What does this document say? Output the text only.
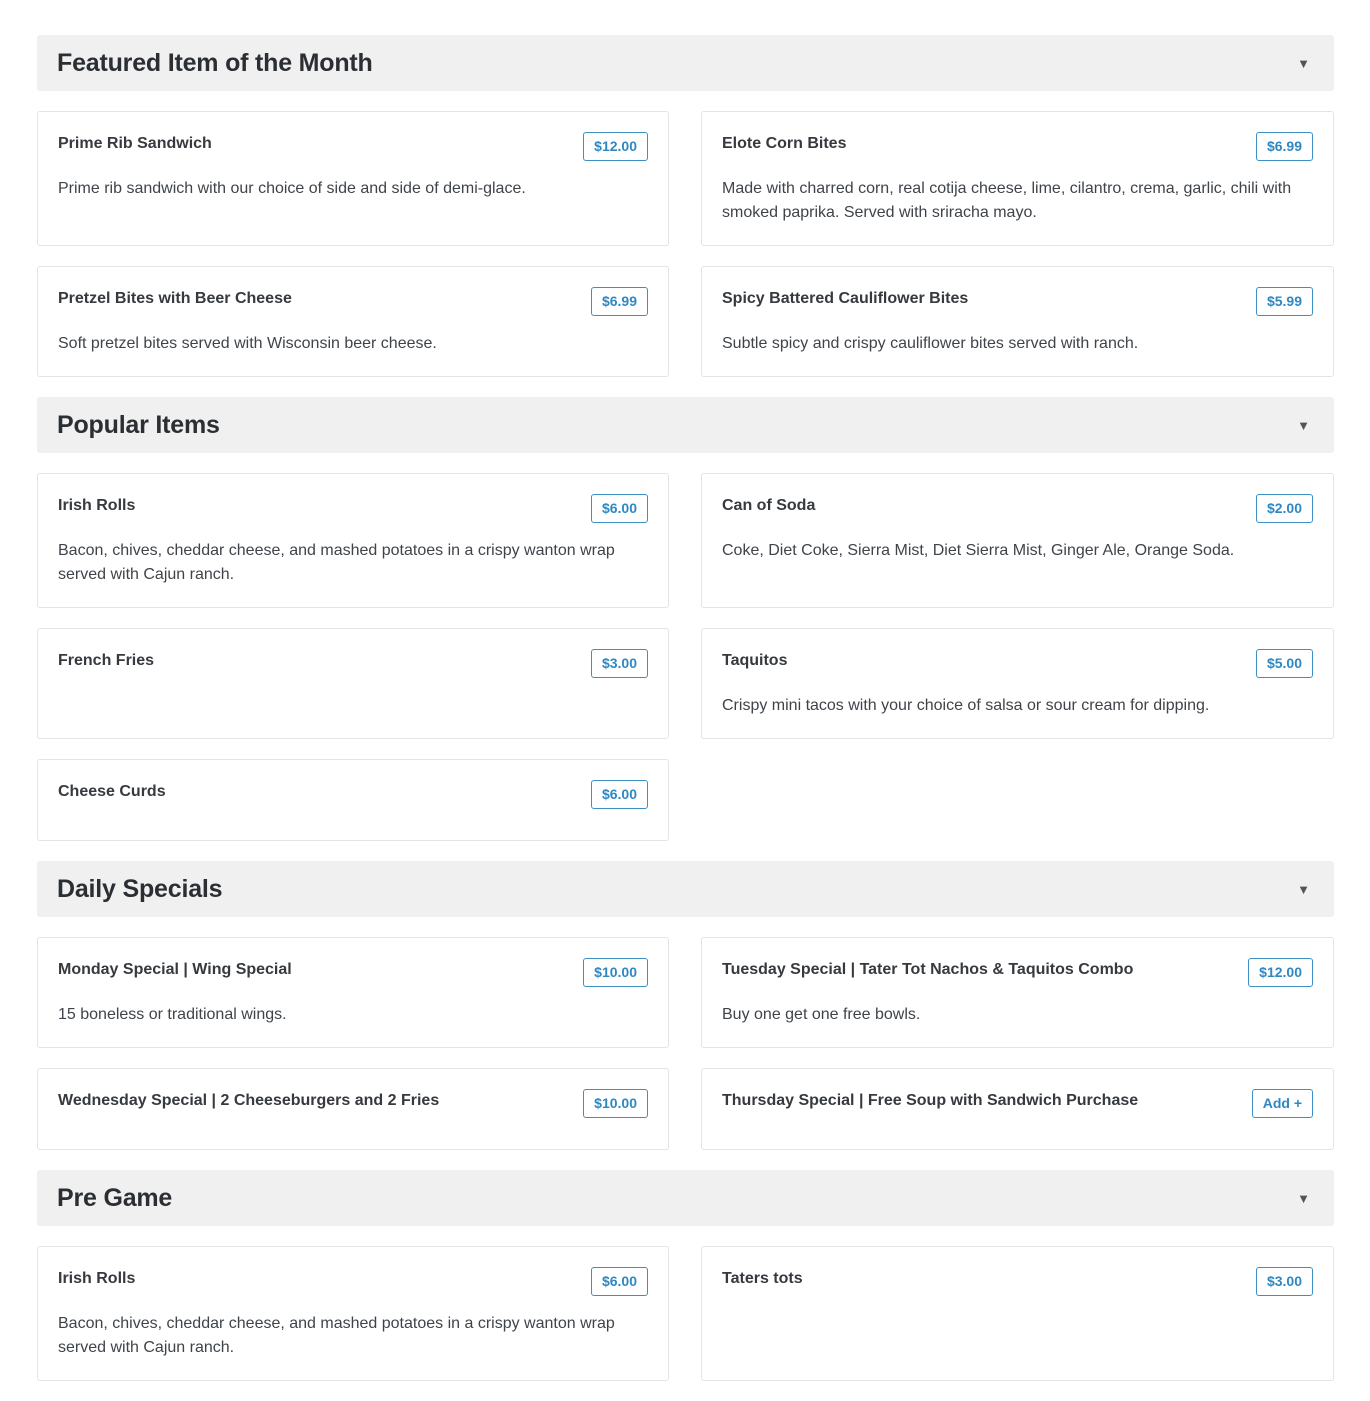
Featured Item of the Month	▼
Prime Rib Sandwich	$12.00

Prime rib sandwich with our choice of side and side of demi-glace.

Elote Corn Bites	$6.99

Made with charred corn, real cotija cheese, lime, cilantro, crema, garlic, chili with smoked paprika. Served with sriracha mayo.

Pretzel Bites with Beer Cheese	$6.99

Soft pretzel bites served with Wisconsin beer cheese.

Spicy Battered Cauliflower Bites	$5.99

Subtle spicy and crispy cauliflower bites served with ranch.

Popular Items	▼
Irish Rolls	$6.00

Bacon, chives, cheddar cheese, and mashed potatoes in a crispy wanton wrap served with Cajun ranch.

Can of Soda	$2.00

Coke, Diet Coke, Sierra Mist, Diet Sierra Mist, Ginger Ale, Orange Soda.

French Fries	$3.00	Taquitos	$5.00

Crispy mini tacos with your choice of salsa or sour cream for dipping.

Cheese Curds	$6.00
Daily Specials	▼
Monday Special | Wing Special	$10.00

15 boneless or traditional wings.

Tuesday Special | Tater Tot Nachos & Taquitos Combo	$12.00

Buy one get one free bowls.

Wednesday Special | 2 Cheeseburgers and 2 Fries	$10.00	Thursday Special | Free Soup with Sandwich Purchase	Add +
Pre Game	▼
Irish Rolls	$6.00

Bacon, chives, cheddar cheese, and mashed potatoes in a crispy wanton wrap served with Cajun ranch.

Taters tots	$3.00
